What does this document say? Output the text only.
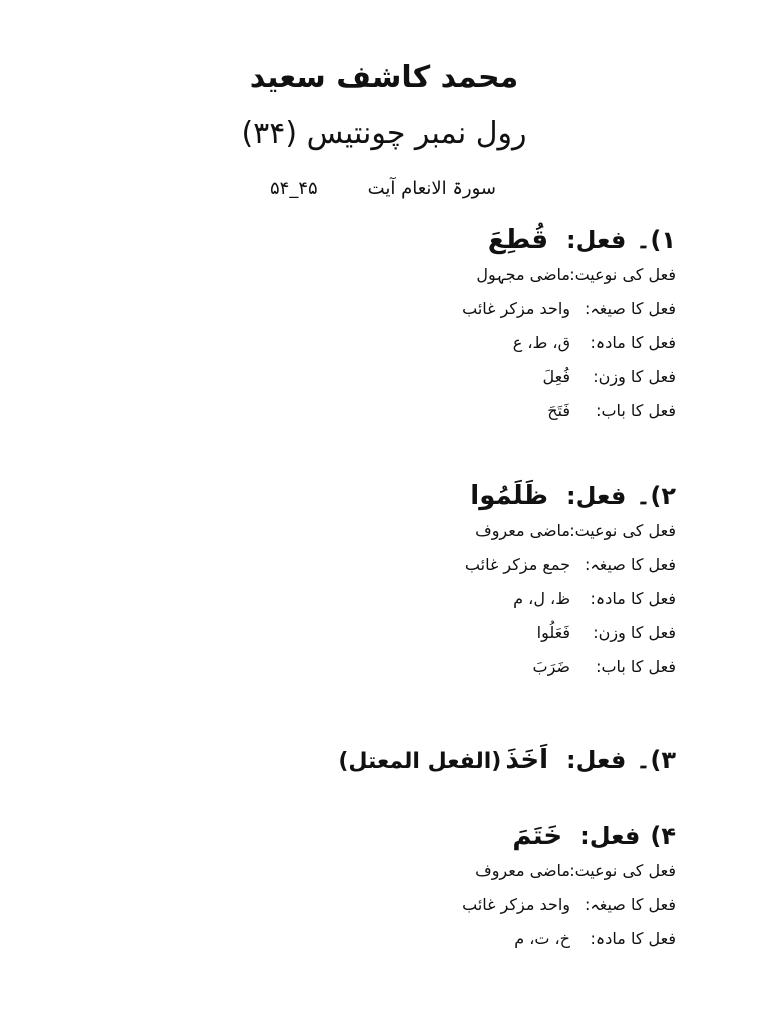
محمد کاشف سعید
رول نمبر چونتیس (۳۴)
سورۃ الانعام آیت
۴۵_۵۴
۱)۔فعل:قُطِعَ
فعل کی نوعیت:ماضی مجہول
فعل کا صیغہ:واحد مزکر غائب
فعل کا مادہ:ق، ط، ع
فعل کا وزن:فُعِلَ
فعل کا باب:فَتَحَ
۲)۔فعل:ظَلَمُوا
فعل کی نوعیت:ماضی معروف
فعل کا صیغہ:جمع مزکر غائب
فعل کا مادہ:ظ، ل، م
فعل کا وزن:فَعَلُوا
فعل کا باب:ضَرَبَ
۳)۔فعل:اَخَذَ(الفعل المعتل)
۴)فعل:خَتَمَ
فعل کی نوعیت:ماضی معروف
فعل کا صیغہ:واحد مزکر غائب
فعل کا مادہ:خ، ت، م
